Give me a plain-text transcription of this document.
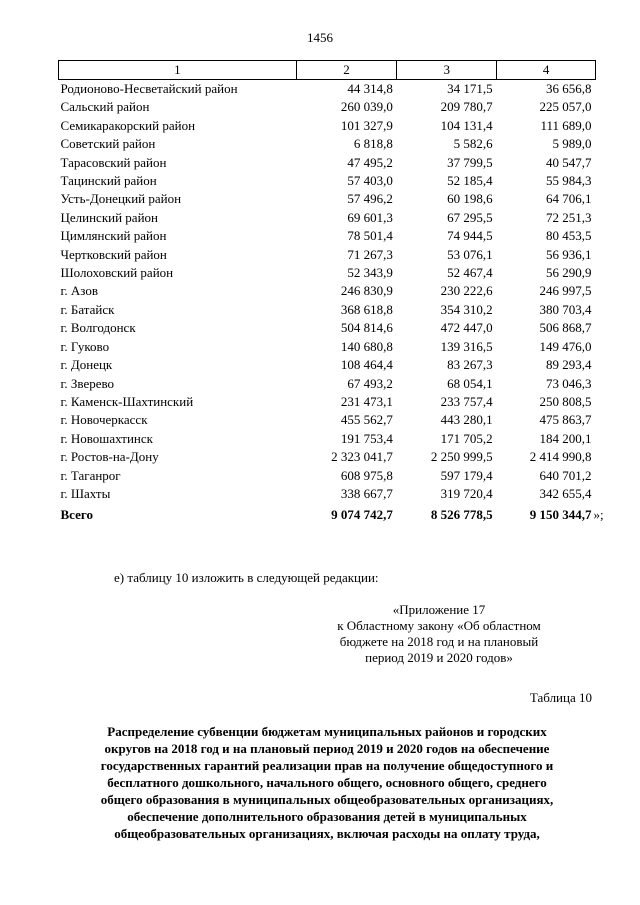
1456
1	2	3	4
Родионово-Несветайский район	44 314,8	34 171,5	36 656,8
Сальский район	260 039,0	209 780,7	225 057,0
Семикаракорский район	101 327,9	104 131,4	111 689,0
Советский район	6 818,8	5 582,6	5 989,0
Тарасовский район	47 495,2	37 799,5	40 547,7
Тацинский район	57 403,0	52 185,4	55 984,3
Усть-Донецкий район	57 496,2	60 198,6	64 706,1
Целинский район	69 601,3	67 295,5	72 251,3
Цимлянский район	78 501,4	74 944,5	80 453,5
Чертковский район	71 267,3	53 076,1	56 936,1
Шолоховский район	52 343,9	52 467,4	56 290,9
г. Азов	246 830,9	230 222,6	246 997,5
г. Батайск	368 618,8	354 310,2	380 703,4
г. Волгодонск	504 814,6	472 447,0	506 868,7
г. Гуково	140 680,8	139 316,5	149 476,0
г. Донецк	108 464,4	83 267,3	89 293,4
г. Зверево	67 493,2	68 054,1	73 046,3
г. Каменск-Шахтинский	231 473,1	233 757,4	250 808,5
г. Новочеркасск	455 562,7	443 280,1	475 863,7
г. Новошахтинск	191 753,4	171 705,2	184 200,1
г. Ростов-на-Дону	2 323 041,7	2 250 999,5	2 414 990,8
г. Таганрог	608 975,8	597 179,4	640 701,2
г. Шахты	338 667,7	319 720,4	342 655,4
Всего	9 074 742,7	8 526 778,5	9 150 344,7 »;
е) таблицу 10 изложить в следующей редакции:
«Приложение 17
к Областному закону «Об областном
бюджете на 2018 год и на плановый
период 2019 и 2020 годов»
Таблица 10
Распределение субвенции бюджетам муниципальных районов и городских
округов на 2018 год и на плановый период 2019 и 2020 годов на обеспечение
государственных гарантий реализации прав на получение общедоступного и
бесплатного дошкольного, начального общего, основного общего, среднего
общего образования в муниципальных общеобразовательных организациях,
обеспечение дополнительного образования детей в муниципальных
общеобразовательных организациях, включая расходы на оплату труда,
